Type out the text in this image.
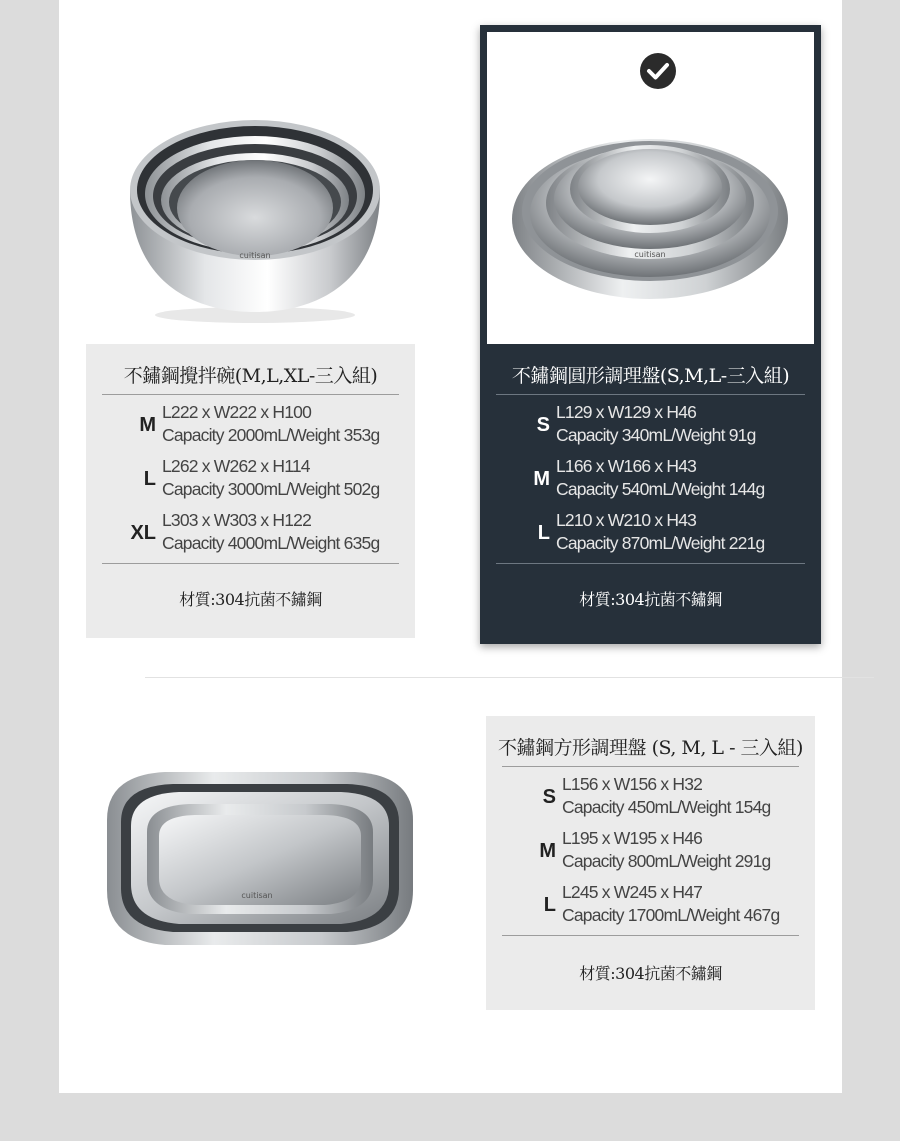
cuitisan
不鏽鋼攪拌碗(M,L,XL-三入組)
M
L222 x W222 x H100
Capacity 2000mL/Weight 353g
L
L262 x W262 x H114
Capacity 3000mL/Weight 502g
XL
L303 x W303 x H122
Capacity 4000mL/Weight 635g
材質:304抗菌不鏽鋼
cuitisan
不鏽鋼圓形調理盤(S,M,L-三入組)
S
L129 x W129 x H46
Capacity 340mL/Weight 91g
M
L166 x W166 x H43
Capacity 540mL/Weight 144g
L
L210 x W210 x H43
Capacity 870mL/Weight 221g
材質:304抗菌不鏽鋼
cuitisan
不鏽鋼方形調理盤 (S, M, L - 三入組)
S
L156 x W156 x H32
Capacity 450mL/Weight 154g
M
L195 x W195 x H46
Capacity 800mL/Weight 291g
L
L245 x W245 x H47
Capacity 1700mL/Weight 467g
材質:304抗菌不鏽鋼
